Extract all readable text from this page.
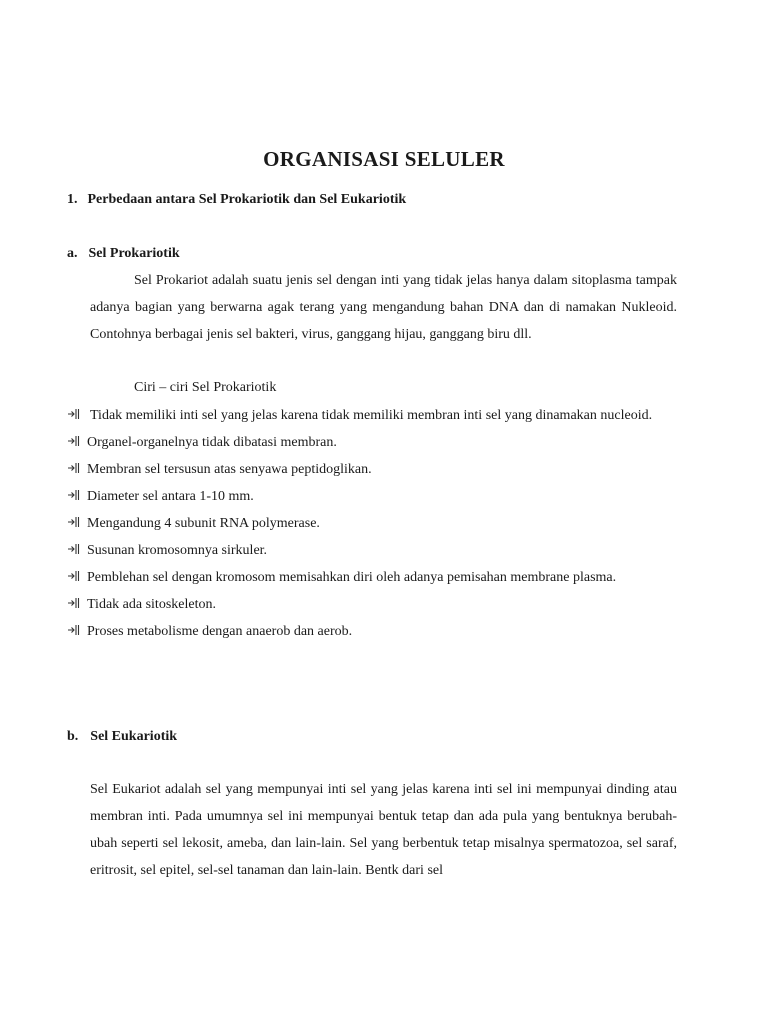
ORGANISASI SELULER
1. Perbedaan antara Sel Prokariotik dan Sel Eukariotik
a. Sel Prokariotik
Sel Prokariot adalah suatu jenis sel dengan inti yang tidak jelas hanya dalam sitoplasma tampak adanya bagian yang berwarna agak terang yang mengandung bahan DNA dan di namakan Nukleoid. Contohnya berbagai jenis sel bakteri, virus, ganggang hijau, ganggang biru dll.
Ciri – ciri Sel Prokariotik
Tidak memiliki inti sel yang jelas karena tidak memiliki membran inti sel yang dinamakan nucleoid.
Organel-organelnya tidak dibatasi membran.
Membran sel tersusun atas senyawa peptidoglikan.
Diameter sel antara 1-10 mm.
Mengandung 4 subunit RNA polymerase.
Susunan kromosomnya sirkuler.
Pemblehan sel dengan kromosom memisahkan diri oleh adanya pemisahan membrane plasma.
Tidak ada sitoskeleton.
Proses metabolisme dengan anaerob dan aerob.
b. Sel Eukariotik
Sel Eukariot adalah sel yang mempunyai inti sel yang jelas karena inti sel ini mempunyai dinding atau membran inti. Pada umumnya sel ini mempunyai bentuk tetap dan ada pula yang bentuknya berubah-ubah seperti sel lekosit, ameba, dan lain-lain. Sel yang berbentuk tetap misalnya spermatozoa, sel saraf, eritrosit, sel epitel, sel-sel tanaman dan lain-lain. Bentk dari sel
